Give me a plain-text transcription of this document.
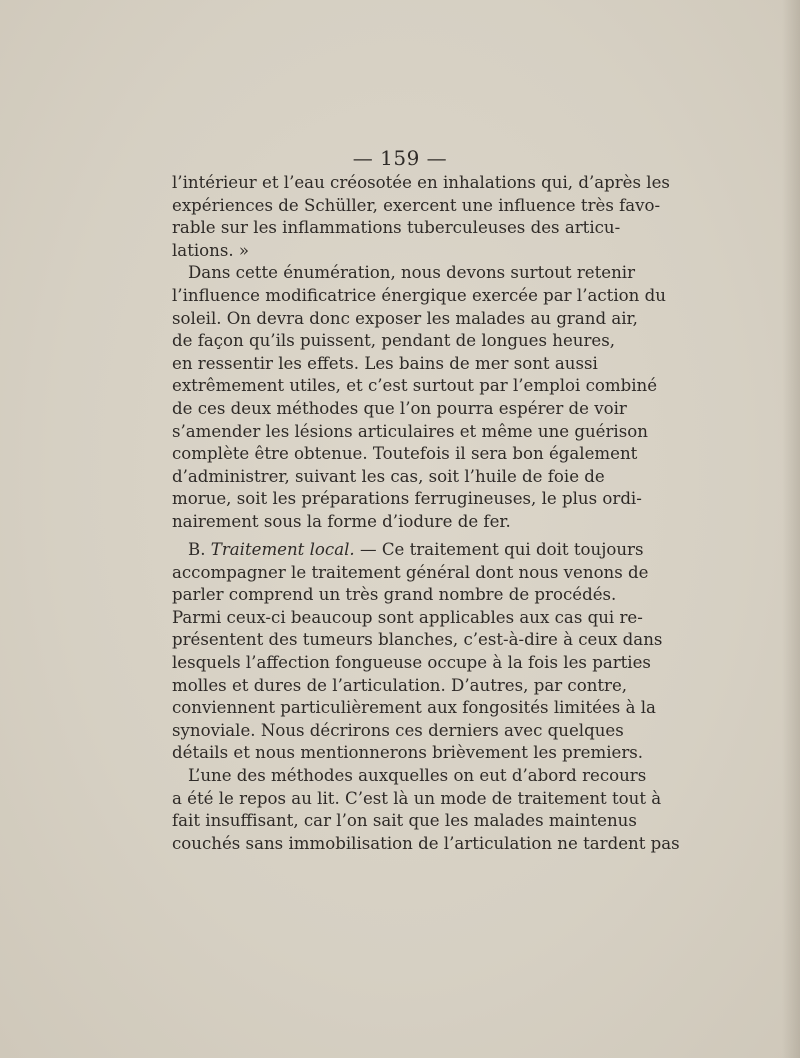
— 159 —
l’intérieur et l’eau créosotée en inhalations qui, d’après les
expériences de Schüller, exercent une influence très favo-
rable sur les inflammations tuberculeuses des articu-
lations. »
Dans cette énumération, nous devons surtout retenir
l’influence modificatrice énergique exercée par l’action du
soleil. On devra donc exposer les malades au grand air,
de façon qu’ils puissent, pendant de longues heures,
en ressentir les effets. Les bains de mer sont aussi
extrêmement utiles, et c’est surtout par l’emploi combiné
de ces deux méthodes que l’on pourra espérer de voir
s’amender les lésions articulaires et même une guérison
complète être obtenue. Toutefois il sera bon également
d’administrer, suivant les cas, soit l’huile de foie de
morue, soit les préparations ferrugineuses, le plus ordi-
nairement sous la forme d’iodure de fer.
B. Traitement local. — Ce traitement qui doit toujours
accompagner le traitement général dont nous venons de
parler comprend un très grand nombre de procédés.
Parmi ceux-ci beaucoup sont applicables aux cas qui re-
présentent des tumeurs blanches, c’est-à-dire à ceux dans
lesquels l’affection fongueuse occupe à la fois les parties
molles et dures de l’articulation. D’autres, par contre,
conviennent particulièrement aux fongosités limitées à la
synoviale. Nous décrirons ces derniers avec quelques
détails et nous mentionnerons brièvement les premiers.
L’une des méthodes auxquelles on eut d’abord recours
a été le repos au lit. C’est là un mode de traitement tout à
fait insuffisant, car l’on sait que les malades maintenus
couchés sans immobilisation de l’articulation ne tardent pas
